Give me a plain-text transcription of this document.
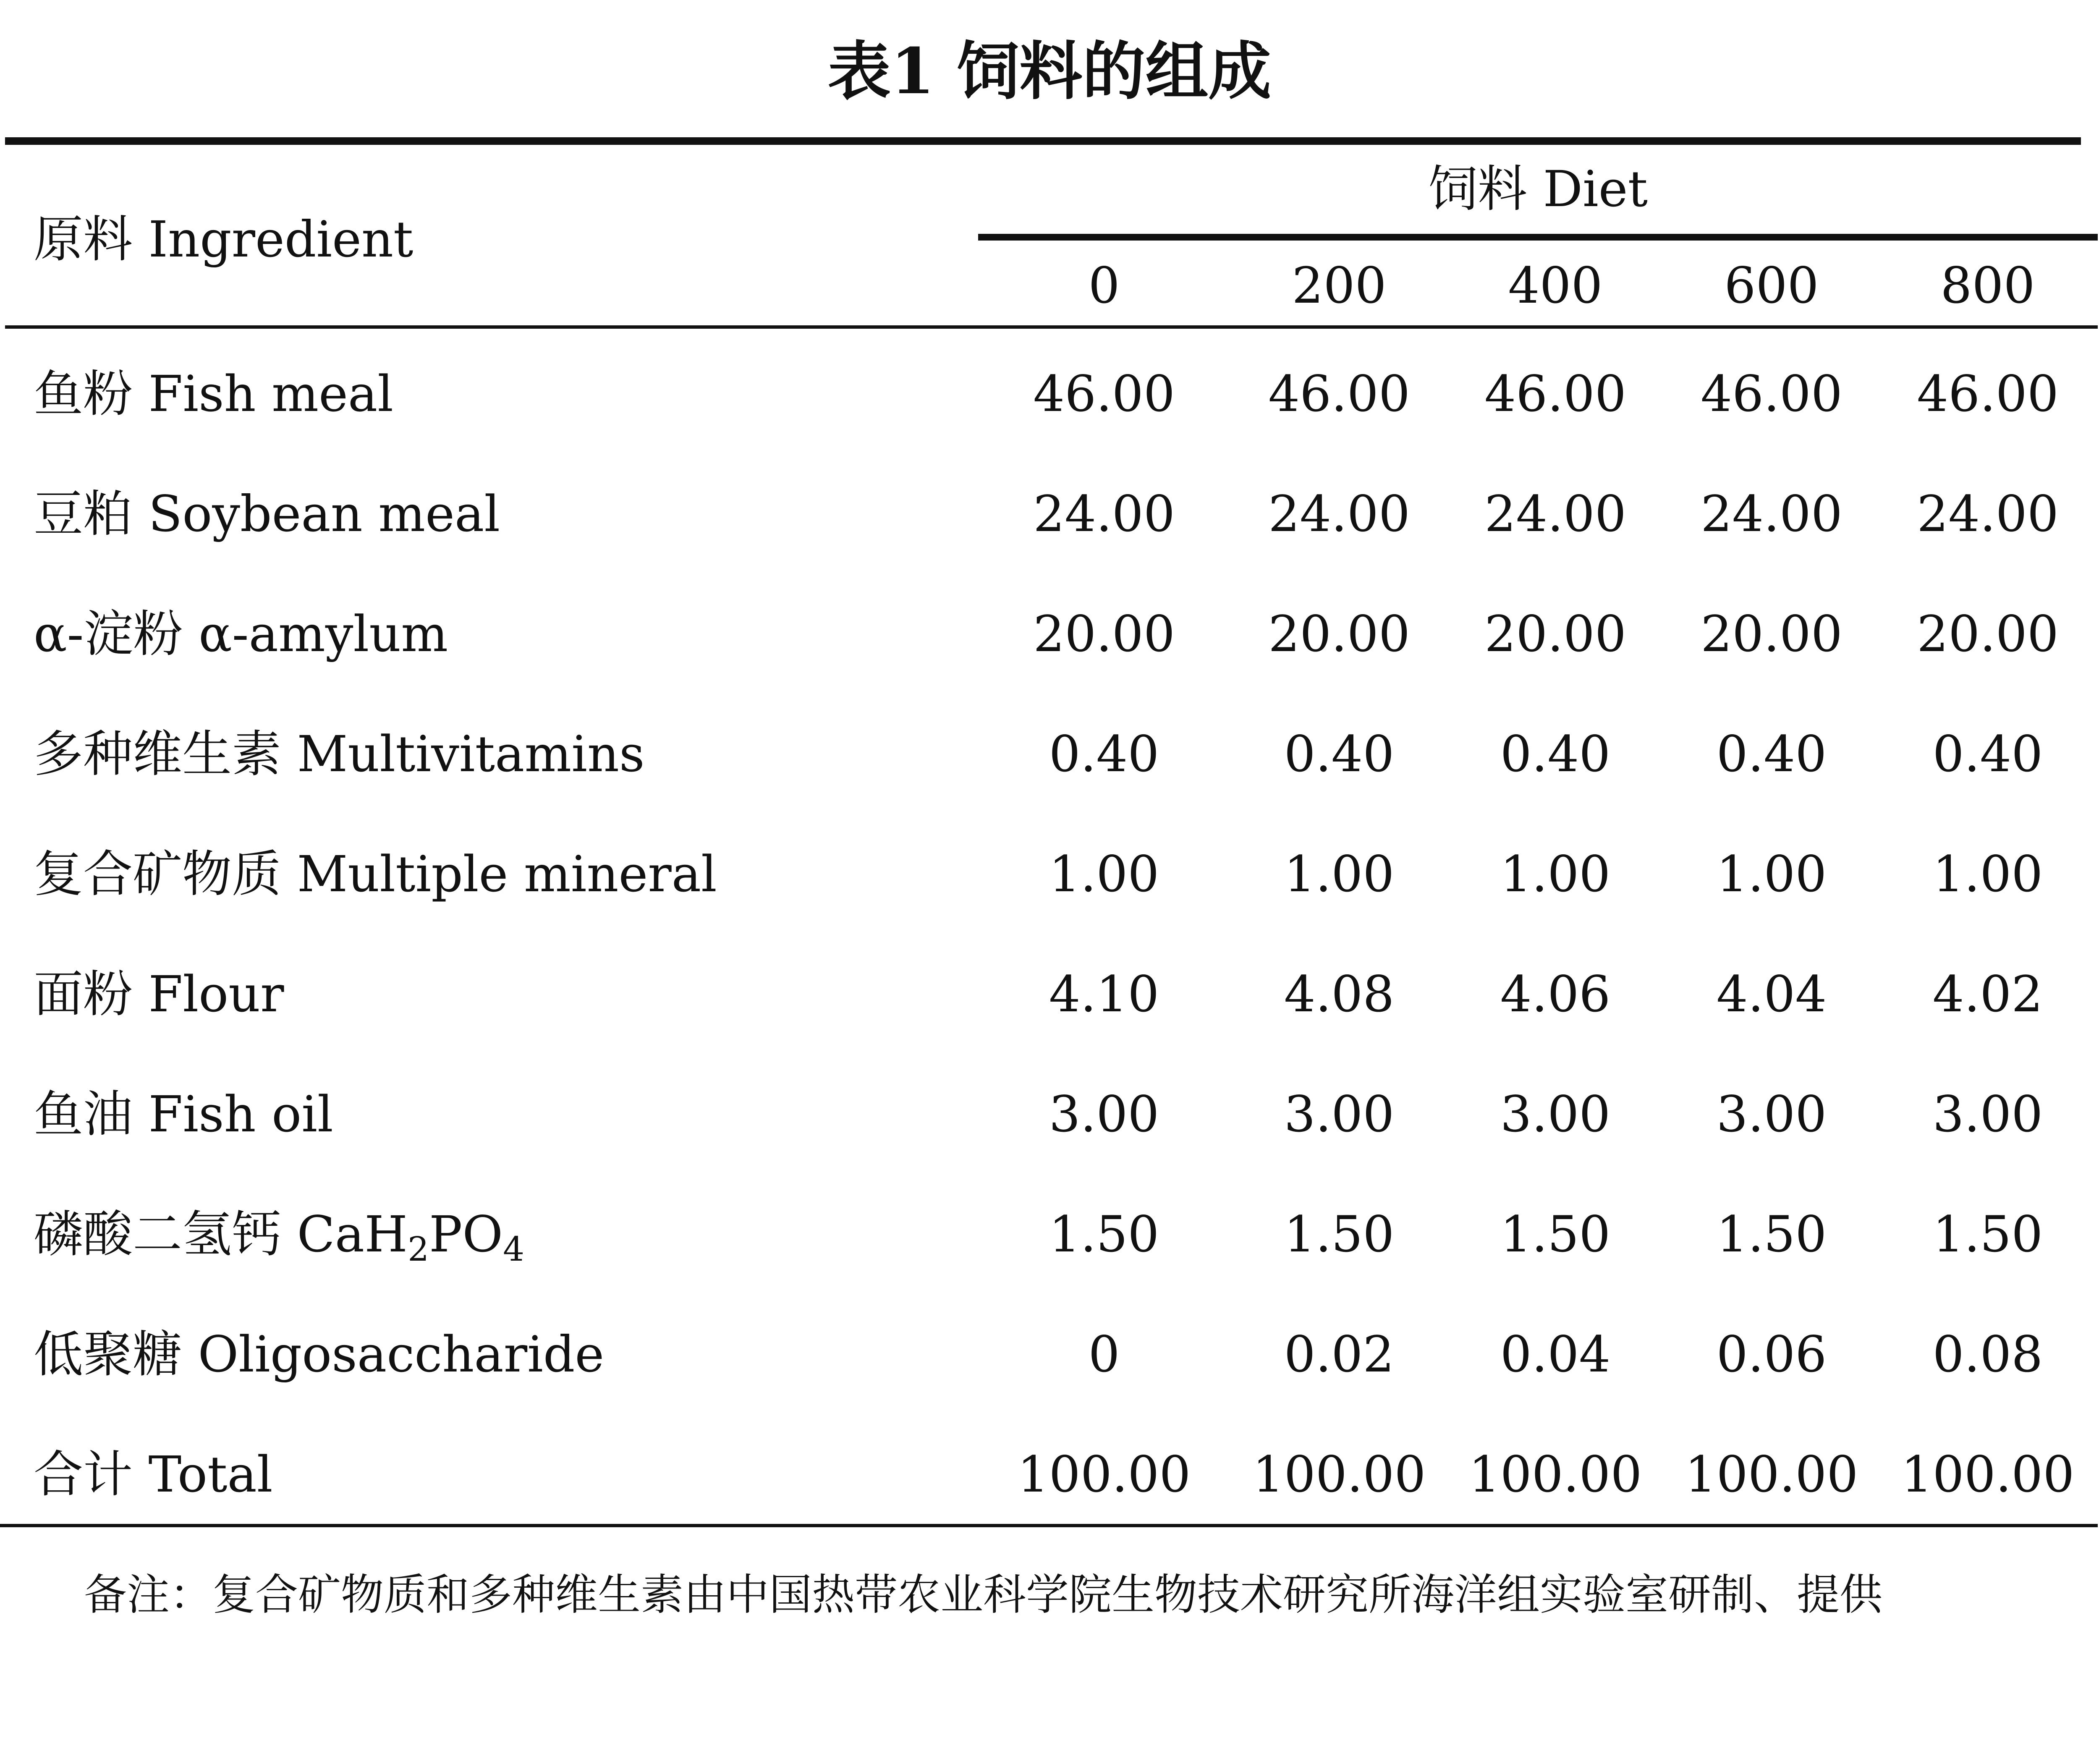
表1 饲料的组成
原料 Ingredient
饲料 Diet
0	200	400	600	800
鱼粉 Fish meal	46.00	46.00	46.00	46.00	46.00
豆粕 Soybean meal	24.00	24.00	24.00	24.00	24.00
α-淀粉 α-amylum	20.00	20.00	20.00	20.00	20.00
多种维生素 Multivitamins	0.40	0.40	0.40	0.40	0.40
复合矿物质 Multiple mineral	1.00	1.00	1.00	1.00	1.00
面粉 Flour	4.10	4.08	4.06	4.04	4.02
鱼油 Fish oil	3.00	3.00	3.00	3.00	3.00
磷酸二氢钙 $CaH_2PO_4$	1.50	1.50	1.50	1.50	1.50
低聚糖 Oligosaccharide	0	0.02	0.04	0.06	0.08
合计 Total	100.00	100.00 100.00 100.00 100.00
备注：复合矿物质和多种维生素由中国热带农业科学院生物技术研究所海洋组实验室研制、提供
